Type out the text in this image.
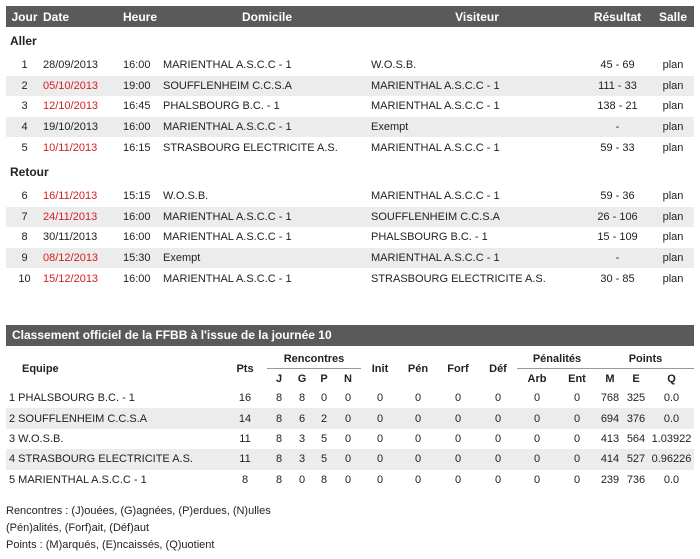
Jour	Date	Heure	Domicile	Visiteur	Résultat	Salle
Aller						
1	28/09/2013	16:00	MARIENTHAL A.S.C.C - 1	W.O.S.B.	45 - 69	plan
2	05/10/2013	19:00	SOUFFLENHEIM C.C.S.A	MARIENTHAL A.S.C.C - 1	111 - 33	plan
3	12/10/2013	16:45	PHALSBOURG B.C. - 1	MARIENTHAL A.S.C.C - 1	138 - 21	plan
4	19/10/2013	16:00	MARIENTHAL A.S.C.C - 1	Exempt	-	plan
5	10/11/2013	16:15	STRASBOURG ELECTRICITE A.S.	MARIENTHAL A.S.C.C - 1	59 - 33	plan
Retour						
6	16/11/2013	15:15	W.O.S.B.	MARIENTHAL A.S.C.C - 1	59 - 36	plan
7	24/11/2013	16:00	MARIENTHAL A.S.C.C - 1	SOUFFLENHEIM C.C.S.A	26 - 106	plan
8	30/11/2013	16:00	MARIENTHAL A.S.C.C - 1	PHALSBOURG B.C. - 1	15 - 109	plan
9	08/12/2013	15:30	Exempt	MARIENTHAL A.S.C.C - 1	-	plan
10	15/12/2013	16:00	MARIENTHAL A.S.C.C - 1	STRASBOURG ELECTRICITE A.S.	30 - 85	plan
Classement officiel de la FFBB à l'issue de la journée 10
Equipe	Pts	Rencontres				Init	Pén	Forf	Déf	Pénalités		Points		
		J	G	P	N					Arb	Ent	M	E	Q
1 PHALSBOURG B.C. - 1	16	8	8	0	0	0	0	0	0	0	0	768	325	0.0
2 SOUFFLENHEIM C.C.S.A	14	8	6	2	0	0	0	0	0	0	0	694	376	0.0
3 W.O.S.B.	11	8	3	5	0	0	0	0	0	0	0	413	564	1.03922
4 STRASBOURG ELECTRICITE A.S.	11	8	3	5	0	0	0	0	0	0	0	414	527	0.96226
5 MARIENTHAL A.S.C.C - 1	8	8	0	8	0	0	0	0	0	0	0	239	736	0.0
Rencontres : (J)ouées, (G)agnées, (P)erdues, (N)ulles
(Pén)alités, (Forf)ait, (Déf)aut
Points : (M)arqués, (E)ncaissés, (Q)uotient
